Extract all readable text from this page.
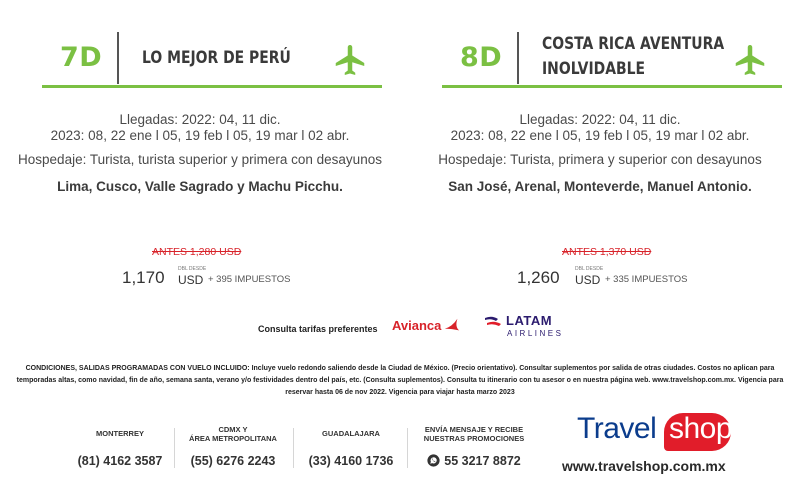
7D LO MEJOR DE PERÚ
Llegadas: 2022: 04, 11 dic.
2023: 08, 22 ene l 05, 19 feb l 05, 19 mar l 02 abr.
Hospedaje: Turista, turista superior y primera con desayunos
Lima, Cusco, Valle Sagrado y Machu Picchu.
ANTES 1,280 USD
1,170	DBL DESDE
USD + 395 IMPUESTOS
8D COSTA RICA AVENTURA
INOLVIDABLE
Llegadas: 2022: 04, 11 dic.
2023: 08, 22 ene l 05, 19 feb l 05, 19 mar l 02 abr.
Hospedaje: Turista, primera y superior con desayunos
San José, Arenal, Monteverde, Manuel Antonio.
ANTES 1,370 USD
1,260	DBL DESDE
USD + 335 IMPUESTOS
Consulta tarifas preferentes Avianca	LATAM
AIRLINES
CONDICIONES, SALIDAS PROGRAMADAS CON VUELO INCLUIDO: Incluye vuelo redondo saliendo desde la Ciudad de México. (Precio orientativo). Consultar suplementos por salida de otras ciudades. Costos no aplican para temporadas altas, como navidad, fin de año, semana santa, verano y/o festividades dentro del país, etc. (Consulta suplementos). Consulta tu itinerario con tu asesor o en nuestra página web. www.travelshop.com.mx. Vigencia para reservar hasta 06 de nov 2022. Vigencia para viajar hasta marzo 2023
MONTERREY
(81) 4162 3587
CDMX Y
ÁREA METROPOLITANA
(55) 6276 2243
GUADALAJARA
(33) 4160 1736
ENVÍA MENSAJE Y RECIBE
NUESTRAS PROMOCIONES
55 3217 8872
Travel shop
www.travelshop.com.mx
